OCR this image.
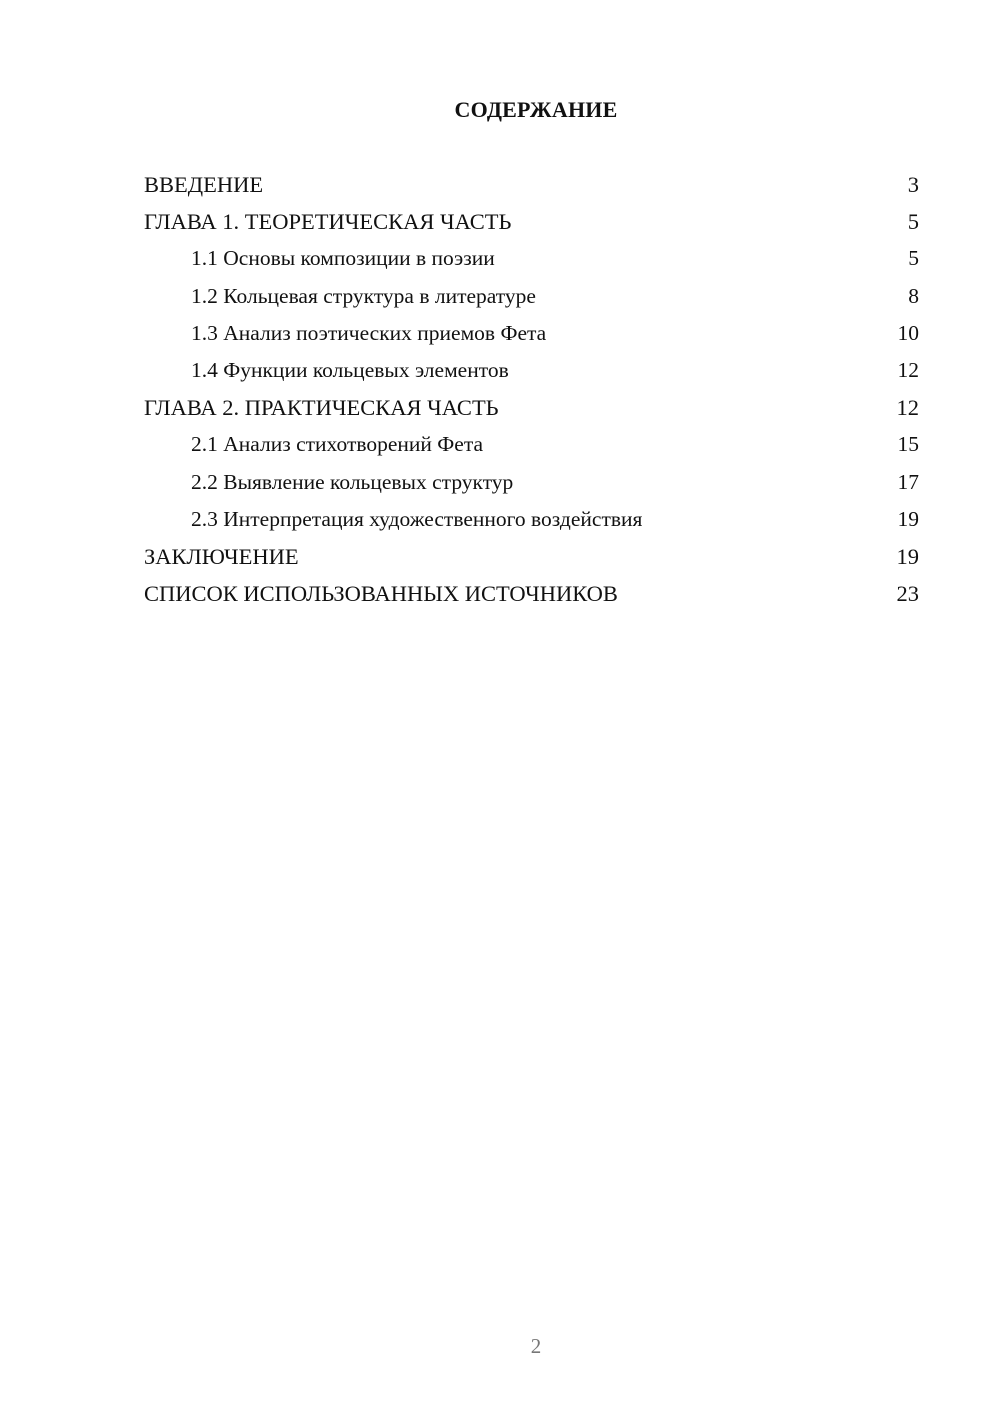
СОДЕРЖАНИЕ
ВВЕДЕНИЕ	3
ГЛАВА 1. ТЕОРЕТИЧЕСКАЯ ЧАСТЬ	5
1.1 Основы композиции в поэзии	5
1.2 Кольцевая структура в литературе	8
1.3 Анализ поэтических приемов Фета	10
1.4 Функции кольцевых элементов	12
ГЛАВА 2. ПРАКТИЧЕСКАЯ ЧАСТЬ	12
2.1 Анализ стихотворений Фета	15
2.2 Выявление кольцевых структур	17
2.3 Интерпретация художественного воздействия	19
ЗАКЛЮЧЕНИЕ	19
СПИСОК ИСПОЛЬЗОВАННЫХ ИСТОЧНИКОВ	23
2
